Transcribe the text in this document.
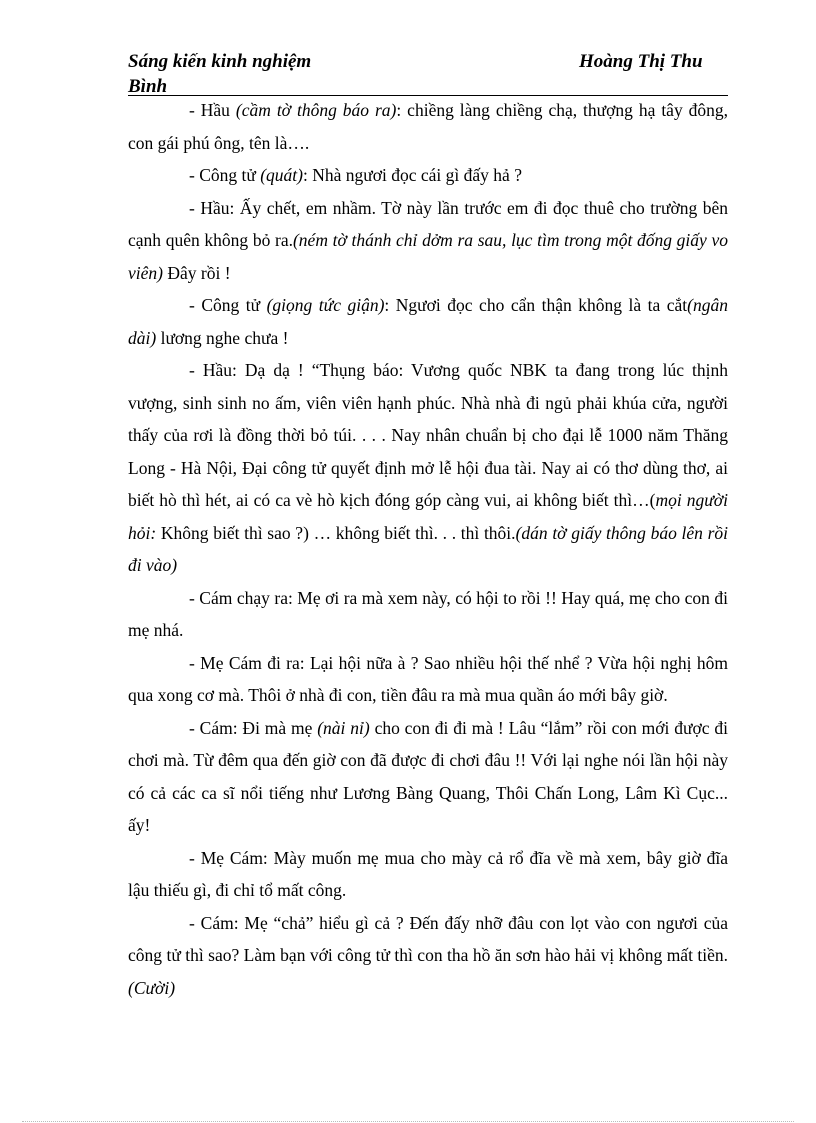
Sáng kiến kinh nghiệm	Hoàng Thị Thu
Bình

- Hầu (cầm tờ thông báo ra): chiềng làng chiềng chạ, thượng hạ tây đông, con gái phú ông, tên là….

- Công tử (quát): Nhà ngươi đọc cái gì đấy hả ?

- Hầu: Ấy chết, em nhầm. Tờ này lần trước em đi đọc thuê cho trường bên cạnh quên không bỏ ra.(ném tờ thánh chỉ dởm ra sau, lục tìm trong một đống giấy vo viên) Đây rồi !

- Công tử (giọng tức giận): Ngươi đọc cho cẩn thận không là ta cắt(ngân dài) lương nghe chưa !

- Hầu: Dạ dạ ! “Thụng báo: Vương quốc NBK ta đang trong lúc thịnh vượng, sinh sinh no ấm, viên viên hạnh phúc. Nhà nhà đi ngủ phải khúa cửa, người thấy của rơi là đồng thời bỏ túi. . . . Nay nhân chuẩn bị cho đại lễ 1000 năm Thăng Long - Hà Nội, Đại công tử quyết định mở lễ hội đua tài. Nay ai có thơ dùng thơ, ai biết hò thì hét, ai có ca vè hò kịch đóng góp càng vui, ai không biết thì…(mọi người hỏi: Không biết thì sao ?) … không biết thì. . . thì thôi.(dán tờ giấy thông báo lên rồi đi vào)

- Cám chạy ra: Mẹ ơi ra mà xem này, có hội to rồi !! Hay quá, mẹ cho con đi mẹ nhá.

- Mẹ Cám đi ra: Lại hội nữa à ? Sao nhiều hội thế nhể ? Vừa hội nghị hôm qua xong cơ mà. Thôi ở nhà đi con, tiền đâu ra mà mua quần áo mới bây giờ.

- Cám: Đi mà mẹ (nài nỉ) cho con đi đi mà ! Lâu “lắm” rồi con mới được đi chơi mà. Từ đêm qua đến giờ con đã được đi chơi đâu !! Với lại nghe nói lần hội này có cả các ca sĩ nổi tiếng như Lương Bàng Quang, Thôi Chấn Long, Lâm Kì Cục... ấy!

- Mẹ Cám: Mày muốn mẹ mua cho mày cả rổ đĩa về mà xem, bây giờ đĩa lậu thiếu gì, đi chỉ tổ mất công.

- Cám: Mẹ “chả” hiểu gì cả ? Đến đấy nhỡ đâu con lọt vào con ngươi của công tử thì sao? Làm bạn với công tử thì con tha hồ ăn sơn hào hải vị không mất tiền. (Cười)
